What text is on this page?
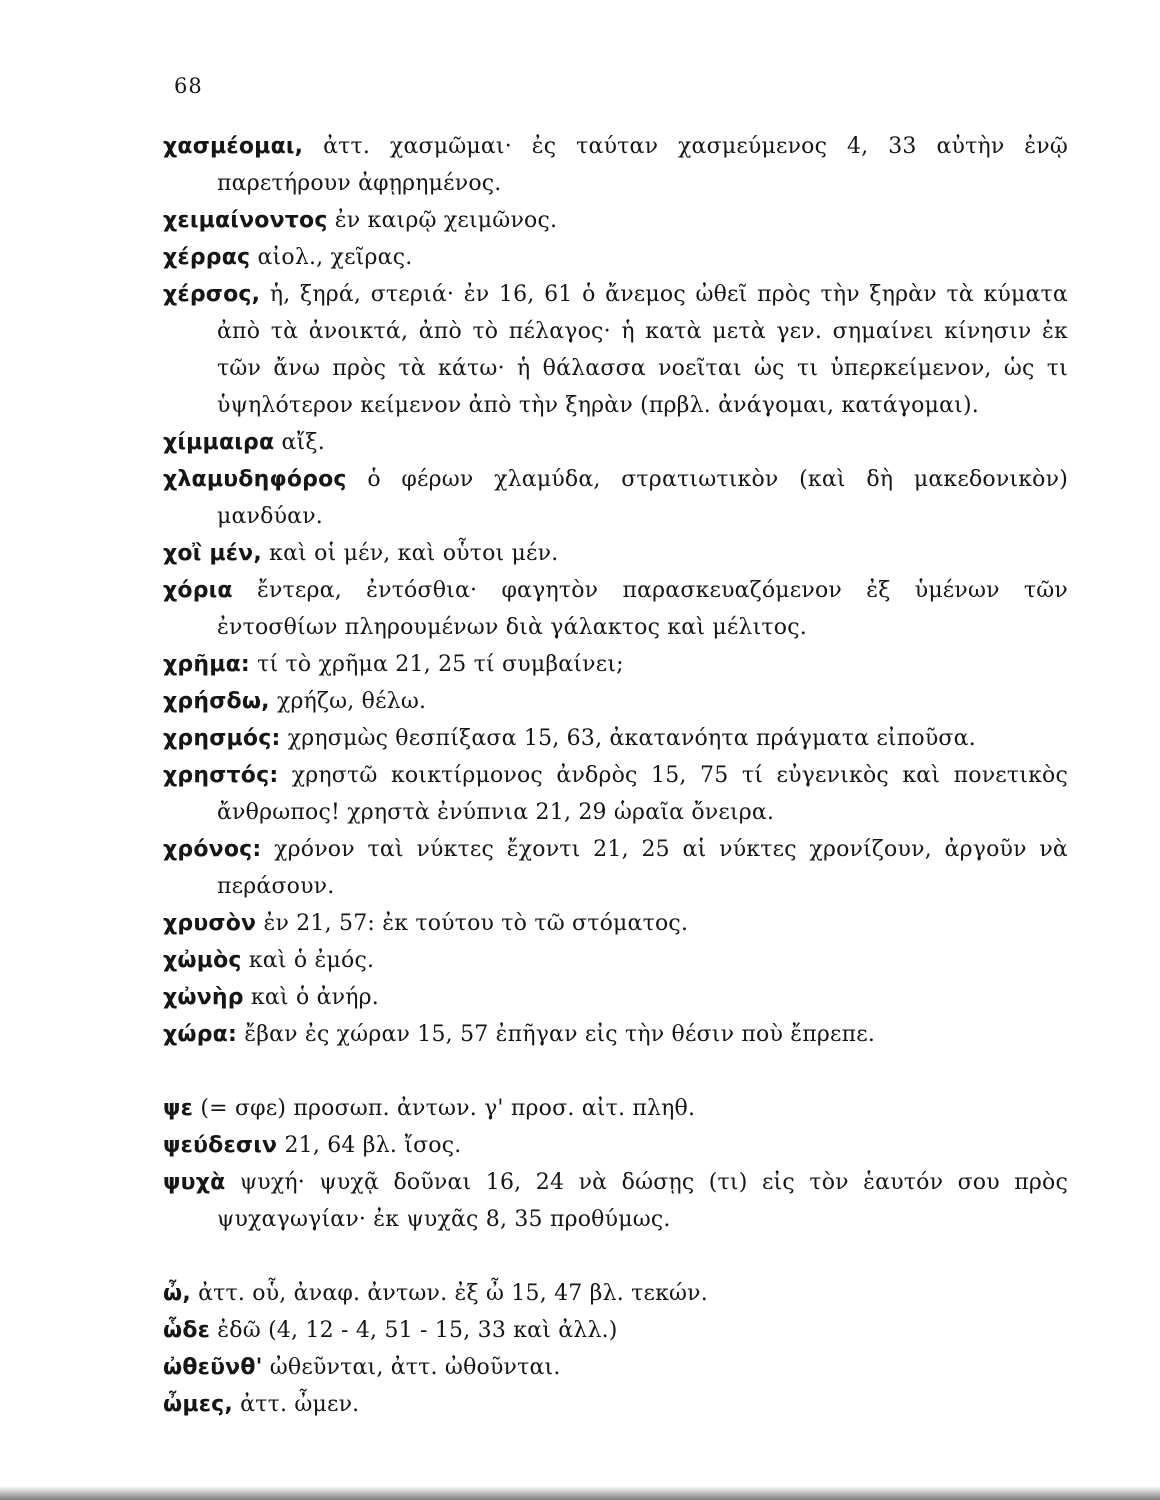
68
χασμέομαι, ἀττ. χασμῶμαι· ἐς ταύταν χασμεύμενος 4, 33 αὐτὴν ἐνῷ παρετήρουν ἀφῃρημένος.
χειμαίνοντος ἐν καιρῷ χειμῶνος.
χέρρας αἰολ., χεῖρας.
χέρσος, ἡ, ξηρά, στεριά· ἐν 16, 61 ὁ ἄνεμος ὠθεῖ πρὸς τὴν ξηρὰν τὰ κύματα ἀπὸ τὰ ἀνοικτά, ἀπὸ τὸ πέλαγος· ἡ κατὰ μετὰ γεν. σημαίνει κίνησιν ἐκ τῶν ἄνω πρὸς τὰ κάτω· ἡ θάλασσα νοεῖται ὡς τι ὑπερκείμενον, ὡς τι ὑψηλότερον κείμενον ἀπὸ τὴν ξηρὰν (πρβλ. ἀνάγομαι, κατάγομαι).
χίμμαιρα αἴξ.
χλαμυδηφόρος ὁ φέρων χλαμύδα, στρατιωτικὸν (καὶ δὴ μακεδονικὸν) μανδύαν.
χοἲ μέν, καὶ οἱ μέν, καὶ οὗτοι μέν.
χόρια ἔντερα, ἐντόσθια· φαγητὸν παρασκευαζόμενον ἐξ ὑμένων τῶν ἐντοσθίων πληρουμένων διὰ γάλακτος καὶ μέλιτος.
χρῆμα: τί τὸ χρῆμα 21, 25 τί συμβαίνει;
χρήσδω, χρήζω, θέλω.
χρησμός: χρησμὼς θεσπίξασα 15, 63, ἀκατανόητα πράγματα εἰποῦσα.
χρηστός: χρηστῶ κοικτίρμονος ἀνδρὸς 15, 75 τί εὐγενικὸς καὶ πονετικὸς ἄνθρωπος! χρηστὰ ἐνύπνια 21, 29 ὡραῖα ὄνειρα.
χρόνος: χρόνον ταὶ νύκτες ἔχοντι 21, 25 αἱ νύκτες χρονίζουν, ἀργοῦν νὰ περάσουν.
χρυσὸν ἐν 21, 57: ἐκ τούτου τὸ τῶ στόματος.
χὠμὸς καὶ ὁ ἐμός.
χὠνὴρ καὶ ὁ ἀνήρ.
χώρα: ἔβαν ἐς χώραν 15, 57 ἐπῆγαν εἰς τὴν θέσιν ποὺ ἔπρεπε.
ψε (= σφε) προσωπ. ἀντων. γ' προσ. αἰτ. πληθ.
ψεύδεσιν 21, 64 βλ. ἴσος.
ψυχὰ ψυχή· ψυχᾷ δοῦναι 16, 24 νὰ δώσῃς (τι) εἰς τὸν ἑαυτόν σου πρὸς ψυχαγωγίαν· ἐκ ψυχᾶς 8, 35 προθύμως.
ὦ, ἀττ. οὗ, ἀναφ. ἀντων. ἐξ ὦ 15, 47 βλ. τεκών.
ὧδε ἐδῶ (4, 12 - 4, 51 - 15, 33 καὶ ἀλλ.)
ὠθεῦνθ' ὠθεῦνται, ἀττ. ὠθοῦνται.
ὦμες, ἀττ. ὦμεν.
